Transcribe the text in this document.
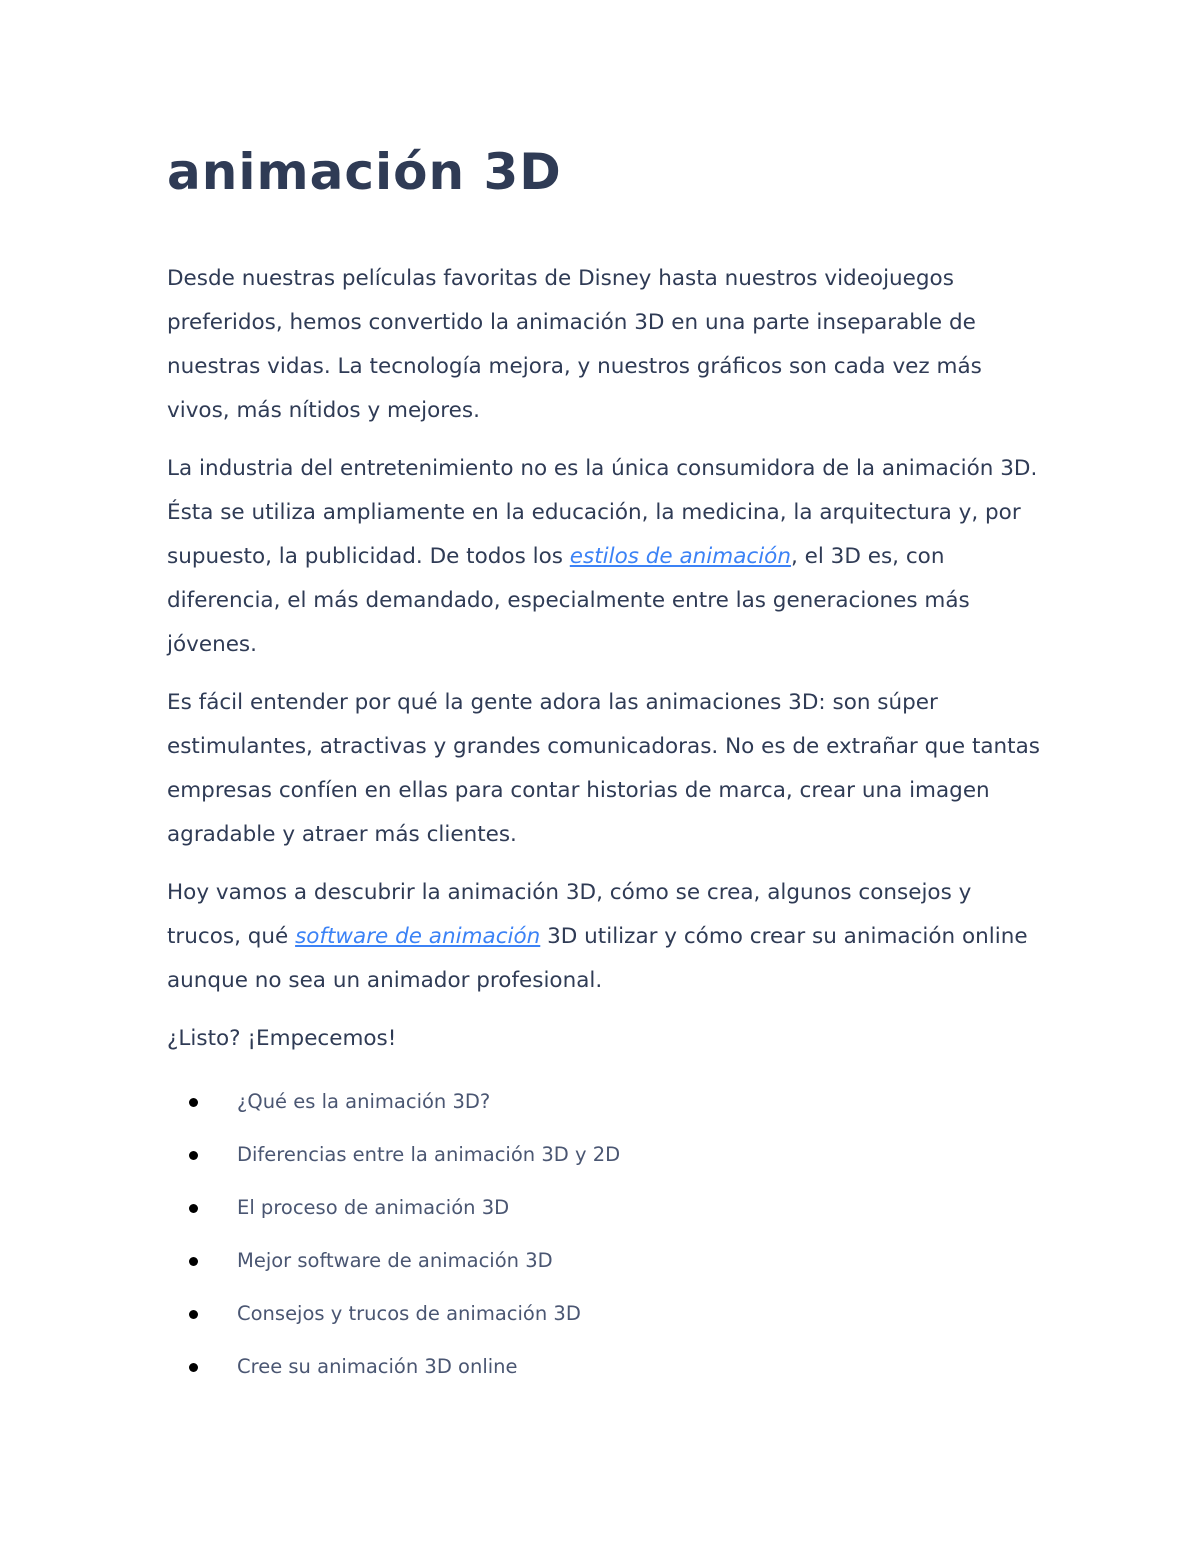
animación 3D

Desde nuestras películas favoritas de Disney hasta nuestros videojuegos preferidos, hemos convertido la animación 3D en una parte inseparable de nuestras vidas. La tecnología mejora, y nuestros gráficos son cada vez más vivos, más nítidos y mejores.

La industria del entretenimiento no es la única consumidora de la animación 3D. Ésta se utiliza ampliamente en la educación, la medicina, la arquitectura y, por supuesto, la publicidad. De todos los estilos de animación, el 3D es, con diferencia, el más demandado, especialmente entre las generaciones más jóvenes.

Es fácil entender por qué la gente adora las animaciones 3D: son súper estimulantes, atractivas y grandes comunicadoras. No es de extrañar que tantas empresas confíen en ellas para contar historias de marca, crear una imagen agradable y atraer más clientes.

Hoy vamos a descubrir la animación 3D, cómo se crea, algunos consejos y trucos, qué software de animación 3D utilizar y cómo crear su animación online aunque no sea un animador profesional.

¿Listo? ¡Empecemos!

¿Qué es la animación 3D?
Diferencias entre la animación 3D y 2D
El proceso de animación 3D
Mejor software de animación 3D
Consejos y trucos de animación 3D
Cree su animación 3D online
